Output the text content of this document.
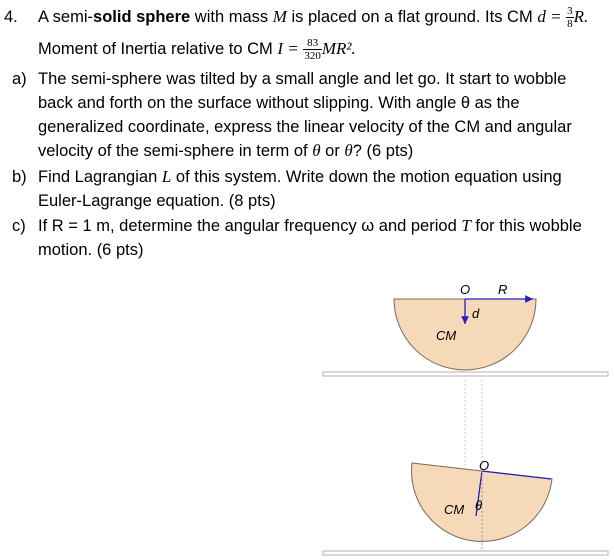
4. A semi-solid sphere with mass M is placed on a flat ground. Its CM $d = \frac{3}{8} R$.
Moment of Inertia relative to CM $I = \frac{83}{320} MR^2$.
a) The semi-sphere was tilted by a small angle and let go. It start to wobble
back and forth on the surface without slipping. With angle θ as the
generalized coordinate, express the linear velocity of the CM and angular
velocity of the semi-sphere in term of θ or θ̇? (6 pts)
b) Find Lagrangian L of this system. Write down the motion equation using
Euler-Lagrange equation. (8 pts)
c) If R = 1 m, determine the angular frequency ω and period T for this wobble
motion. (6 pts)
O R
d
CM
O
CM θ
